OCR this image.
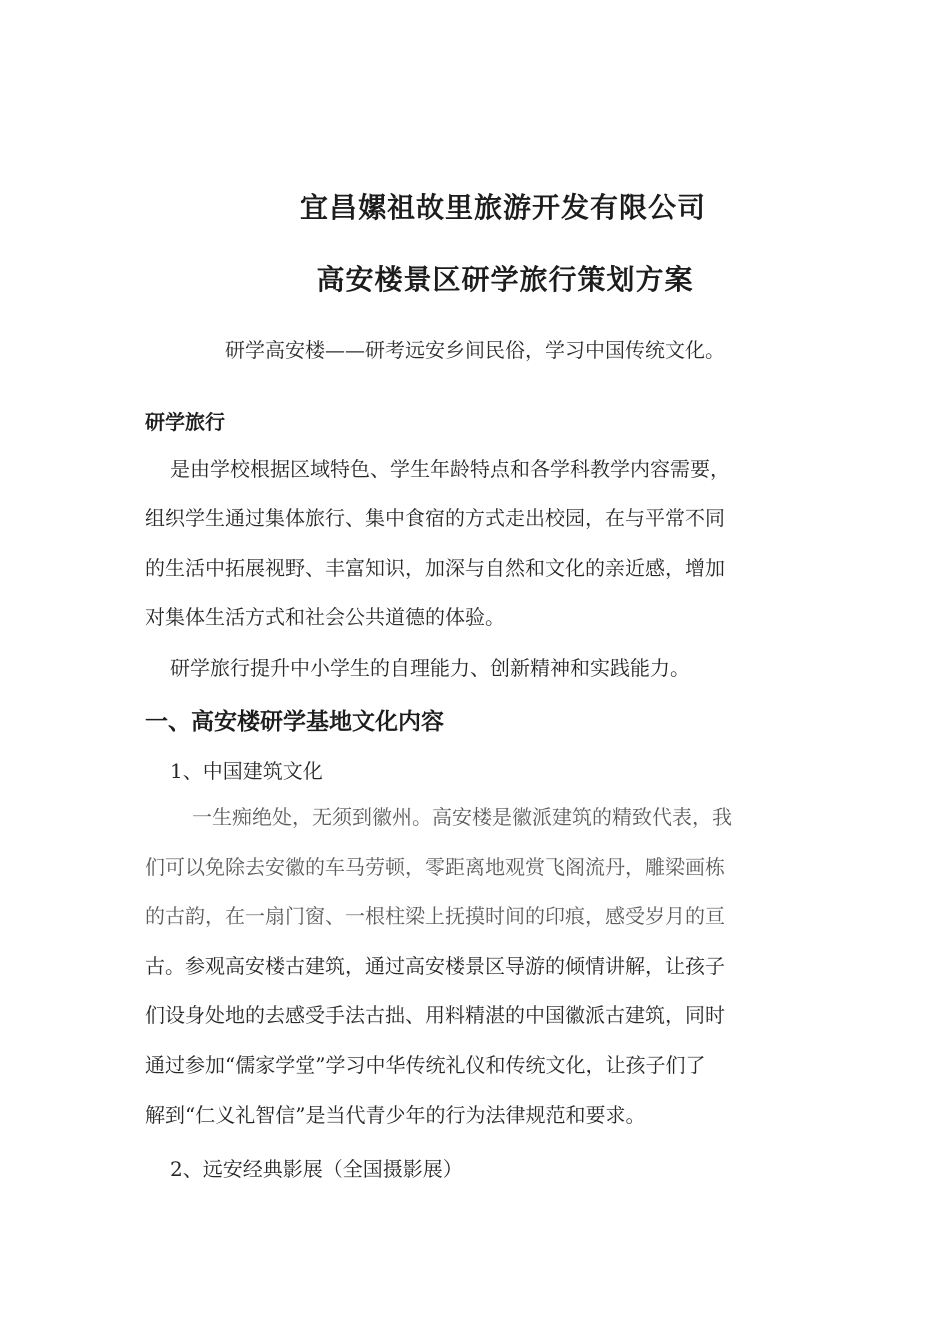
宜昌嫘祖故里旅游开发有限公司
高安楼景区研学旅行策划方案
研学高安楼——研考远安乡间民俗，学习中国传统文化。
研学旅行
是由学校根据区域特色、学生年龄特点和各学科教学内容需要，
组织学生通过集体旅行、集中食宿的方式走出校园，在与平常不同
的生活中拓展视野、丰富知识，加深与自然和文化的亲近感，增加
对集体生活方式和社会公共道德的体验。
研学旅行提升中小学生的自理能力、创新精神和实践能力。
一、高安楼研学基地文化内容
1、中国建筑文化
一生痴绝处，无须到徽州。高安楼是徽派建筑的精致代表，我
们可以免除去安徽的车马劳顿，零距离地观赏飞阁流丹，雕梁画栋
的古韵，在一扇门窗、一根柱梁上抚摸时间的印痕，感受岁月的亘
古。参观高安楼古建筑，通过高安楼景区导游的倾情讲解，让孩子
们设身处地的去感受手法古拙、用料精湛的中国徽派古建筑，同时
通过参加“儒家学堂”学习中华传统礼仪和传统文化，让孩子们了
解到“仁义礼智信”是当代青少年的行为法律规范和要求。
2、远安经典影展（全国摄影展）
